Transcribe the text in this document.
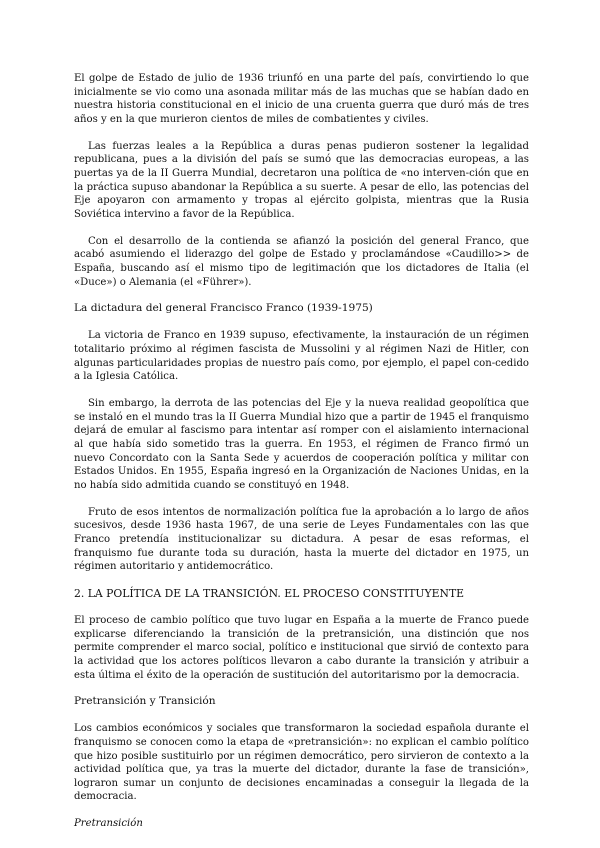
El golpe de Estado de julio de 1936 triunfó en una parte del país, convirtiendo lo que inicialmente se vio como una asonada militar más de las muchas que se habían dado en nuestra historia constitucional en el inicio de una cruenta guerra que duró más de tres años y en la que murieron cientos de miles de combatientes y civiles.

Las fuerzas leales a la República a duras penas pudieron sostener la legalidad republicana, pues a la división del país se sumó que las democracias europeas, a las puertas ya de la II Guerra Mundial, decretaron una política de «no interven-ción que en la práctica supuso abandonar la República a su suerte. A pesar de ello, las potencias del Eje apoyaron con armamento y tropas al ejército golpista, mientras que la Rusia Soviética intervino a favor de la República.

Con el desarrollo de la contienda se afianzó la posición del general Franco, que acabó asumiendo el liderazgo del golpe de Estado y proclamándose «Caudillo>> de España, buscando así el mismo tipo de legitimación que los dictadores de Italia (el «Duce») o Alemania (el «Führer»).

La dictadura del general Francisco Franco (1939-1975)

La victoria de Franco en 1939 supuso, efectivamente, la instauración de un régimen totalitario próximo al régimen fascista de Mussolini y al régimen Nazi de Hitler, con algunas particularidades propias de nuestro país como, por ejemplo, el papel con-cedido a la Iglesia Católica.

Sin embargo, la derrota de las potencias del Eje y la nueva realidad geopolítica que se instaló en el mundo tras la II Guerra Mundial hizo que a partir de 1945 el franquismo dejará de emular al fascismo para intentar así romper con el aislamiento internacional al que había sido sometido tras la guerra. En 1953, el régimen de Franco firmó un nuevo Concordato con la Santa Sede y acuerdos de cooperación política y militar con Estados Unidos. En 1955, España ingresó en la Organización de Naciones Unidas, en la no había sido admitida cuando se constituyó en 1948.

Fruto de esos intentos de normalización política fue la aprobación a lo largo de años sucesivos, desde 1936 hasta 1967, de una serie de Leyes Fundamentales con las que Franco pretendía institucionalizar su dictadura. A pesar de esas reformas, el franquismo fue durante toda su duración, hasta la muerte del dictador en 1975, un régimen autoritario y antidemocrático.

2. LA POLÍTICA DE LA TRANSICIÓN. EL PROCESO CONSTITUYENTE

El proceso de cambio político que tuvo lugar en España a la muerte de Franco puede explicarse diferenciando la transición de la pretransición, una distinción que nos permite comprender el marco social, político e institucional que sirvió de contexto para la actividad que los actores políticos llevaron a cabo durante la transición y atribuir a esta última el éxito de la operación de sustitución del autoritarismo por la democracia.

Pretransición y Transición

Los cambios económicos y sociales que transformaron la sociedad española durante el franquismo se conocen como la etapa de «pretransición»: no explican el cambio político que hizo posible sustituirlo por un régimen democrático, pero sirvieron de contexto a la actividad política que, ya tras la muerte del dictador, durante la fase de transición», lograron sumar un conjunto de decisiones encaminadas a conseguir la llegada de la democracia.

Pretransición
